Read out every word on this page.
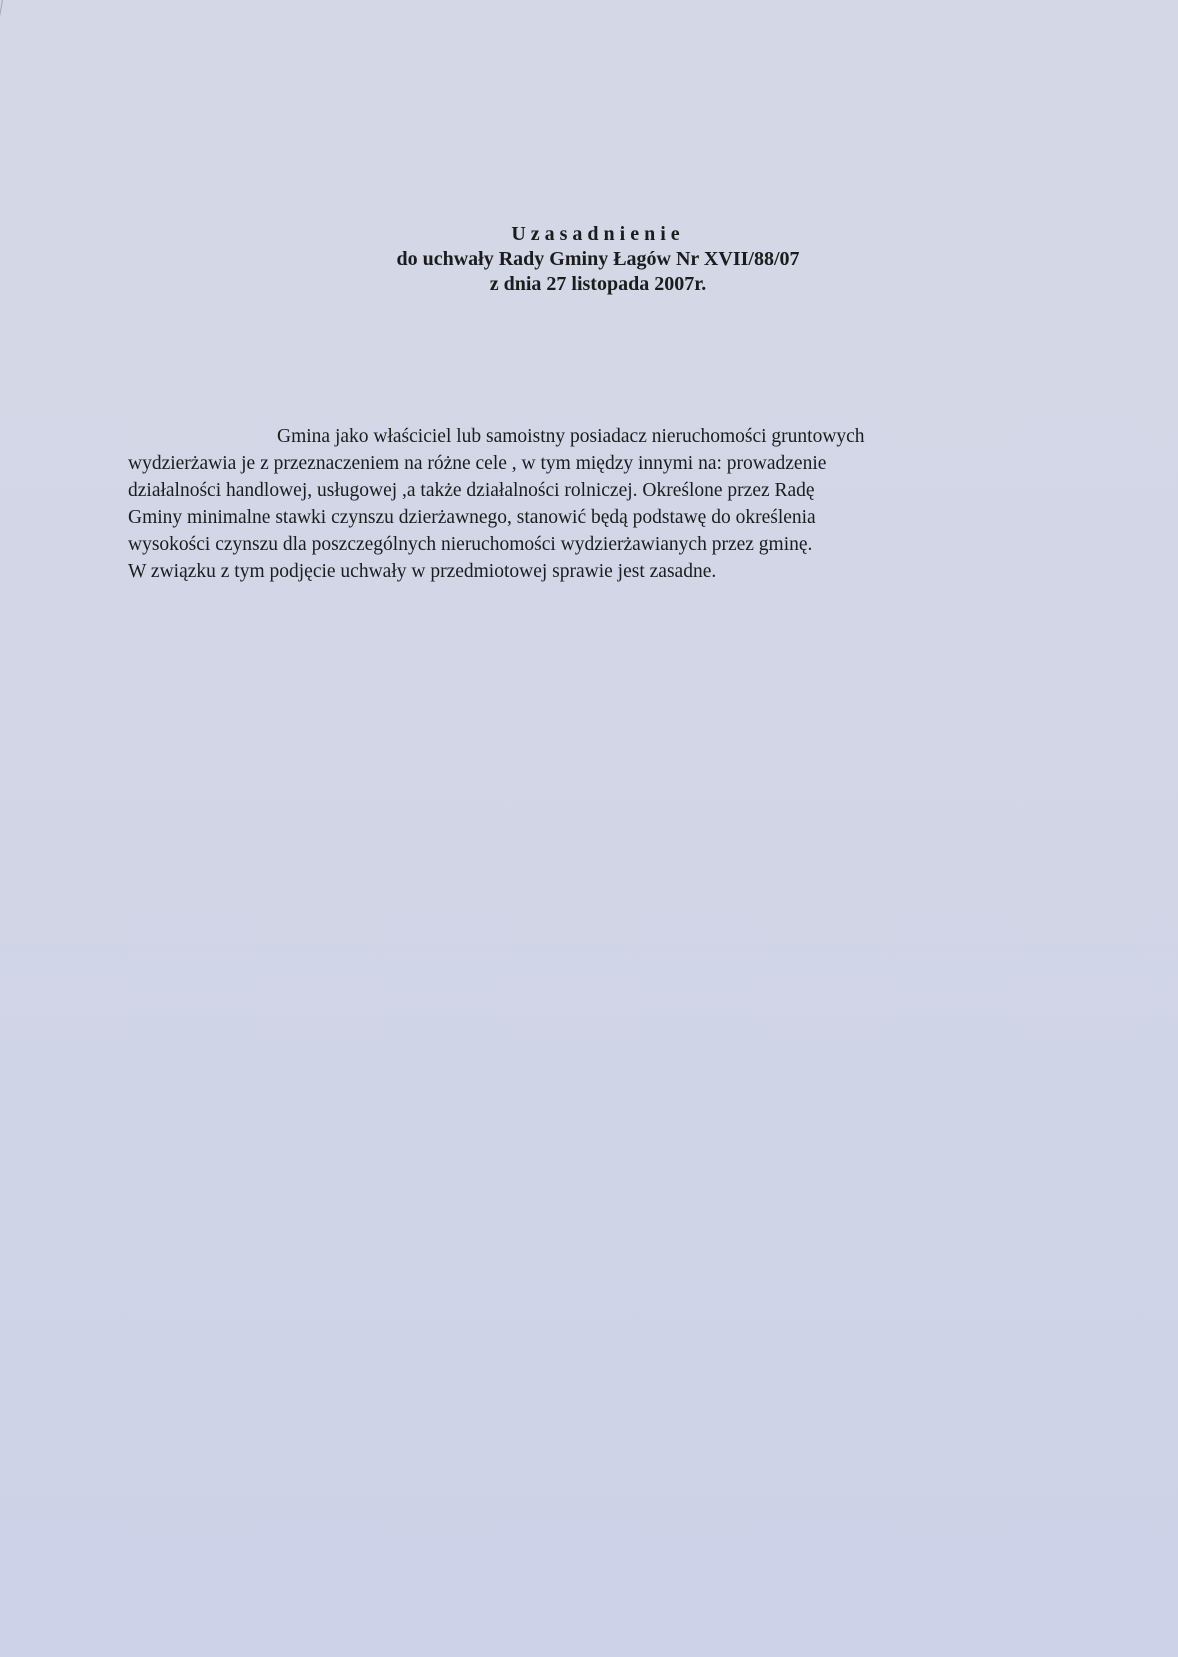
Uzasadnienie
do uchwały Rady Gminy Łagów Nr XVII/88/07
z dnia 27 listopada 2007r.
Gmina jako właściciel lub samoistny posiadacz nieruchomości gruntowych
wydzierżawia je z przeznaczeniem na różne cele , w tym między innymi na: prowadzenie
działalności handlowej, usługowej ,a także działalności rolniczej. Określone przez Radę
Gminy minimalne stawki czynszu dzierżawnego, stanowić będą podstawę do określenia
wysokości czynszu dla poszczególnych nieruchomości wydzierżawianych przez gminę.
W związku z tym podjęcie uchwały w przedmiotowej sprawie jest zasadne.
